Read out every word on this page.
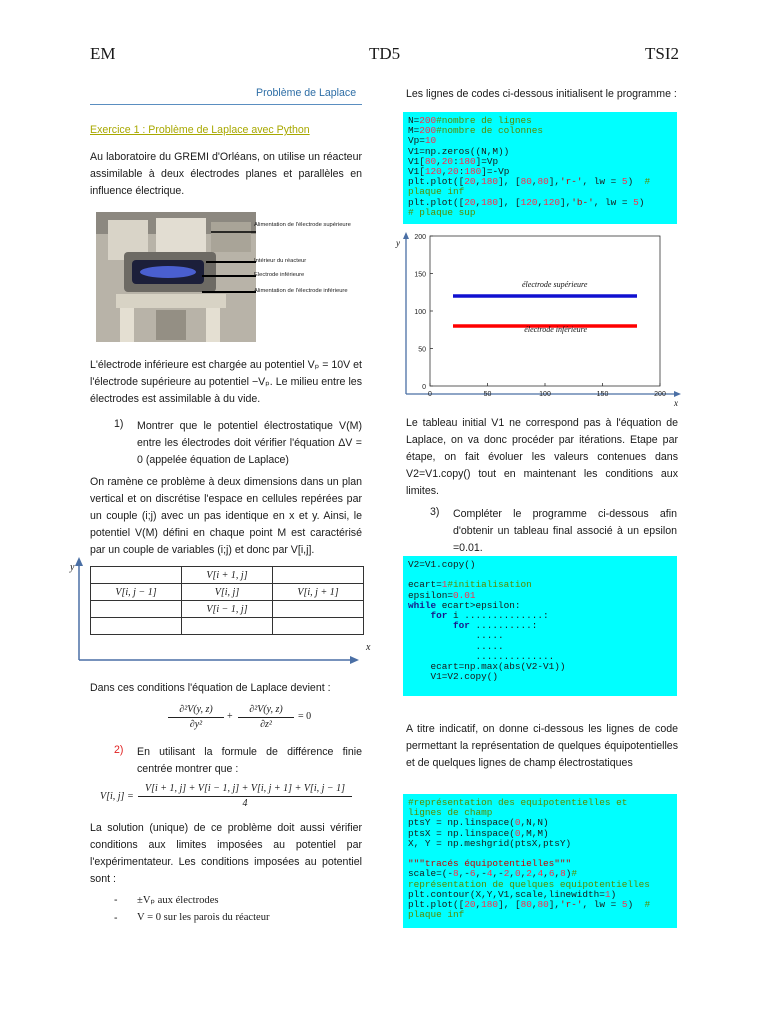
EM	TD5	TSI2
Problème de Laplace
Exercice 1 : Problème de Laplace avec Python
Au laboratoire du GREMI d'Orléans, on utilise un réacteur assimilable à deux électrodes planes et parallèles en influence électrique.
Alimentation de l'électrode supérieure
Intérieur du réacteur
Electrode inférieure
Alimentation de l'électrode inférieure
L'électrode inférieure est chargée au potentiel Vₚ = 10V et l'électrode supérieure au potentiel −Vₚ. Le milieu entre les électrodes est assimilable à du vide.
1) Montrer que le potentiel électrostatique V(M) entre les électrodes doit vérifier l'équation ΔV = 0 (appelée équation de Laplace)
On ramène ce problème à deux dimensions dans un plan vertical et on discrétise l'espace en cellules repérées par un couple (i;j) avec un pas identique en x et y. Ainsi, le potentiel V(M) défini en chaque point M est caractérisé par un couple de variables (i;j) et donc par V[i,j].
y
x
	V[i + 1, j]	
V[i, j − 1]	V[i, j]	V[i, j + 1]
	V[i − 1, j]	

Dans ces conditions l'équation de Laplace devient :
∂²V(y, z)
∂y²
+
∂²V(y, z)
∂z²
= 0
2) En utilisant la formule de différence finie centrée montrer que :
V[i, j] =
V[i + 1, j] + V[i − 1, j] + V[i, j + 1] + V[i, j − 1]
4
La solution (unique) de ce problème doit aussi vérifier conditions aux limites imposées au potentiel par l'expérimentateur. Les conditions imposées au potentiel sont :
- ±Vₚ aux électrodes
- V = 0 sur les parois du réacteur
Les lignes de codes ci-dessous initialisent le programme :
N=200#nombre de lignes
M=200#nombre de colonnes
Vp=10
V1=np.zeros((N,M))
V1[80,20:180]=Vp
V1[120,20:180]=-Vp
plt.plot([20,180], [80,80],'r-', lw = 5)  #
plaque inf
plt.plot([20,180], [120,120],'b-', lw = 5)
# plaque sup
0
50
100
150
200
0	50	100	150	200
électrode supérieure
électrode inférieure
y
x
Le tableau initial V1 ne correspond pas à l'équation de Laplace, on va donc procéder par itérations. Etape par étape, on fait évoluer les valeurs contenues dans V2=V1.copy() tout en maintenant les conditions aux limites.
3) Compléter le programme ci-dessous afin d'obtenir un tableau final associé à un epsilon =0.01.
V2=V1.copy()

ecart=1#initialisation
epsilon=0.01
while ecart>epsilon:
for i ..............:
for ..........:
.....
.....
..............
ecart=np.max(abs(V2-V1))
V1=V2.copy()
A titre indicatif, on donne ci-dessous les lignes de code permettant la représentation de quelques équipotentielles et de quelques lignes de champ électrostatiques
#représentation des equipotentielles et
lignes de champ
ptsY = np.linspace(0,N,N)
ptsX = np.linspace(0,M,M)
X, Y = np.meshgrid(ptsX,ptsY)

"""tracés équipotentielles"""
scale=(-8,-6,-4,-2,0,2,4,6,8)#
représentation de quelques equipotentielles
plt.contour(X,Y,V1,scale,linewidth=1)
plt.plot([20,180], [80,80],'r-', lw = 5)  #
plaque inf
